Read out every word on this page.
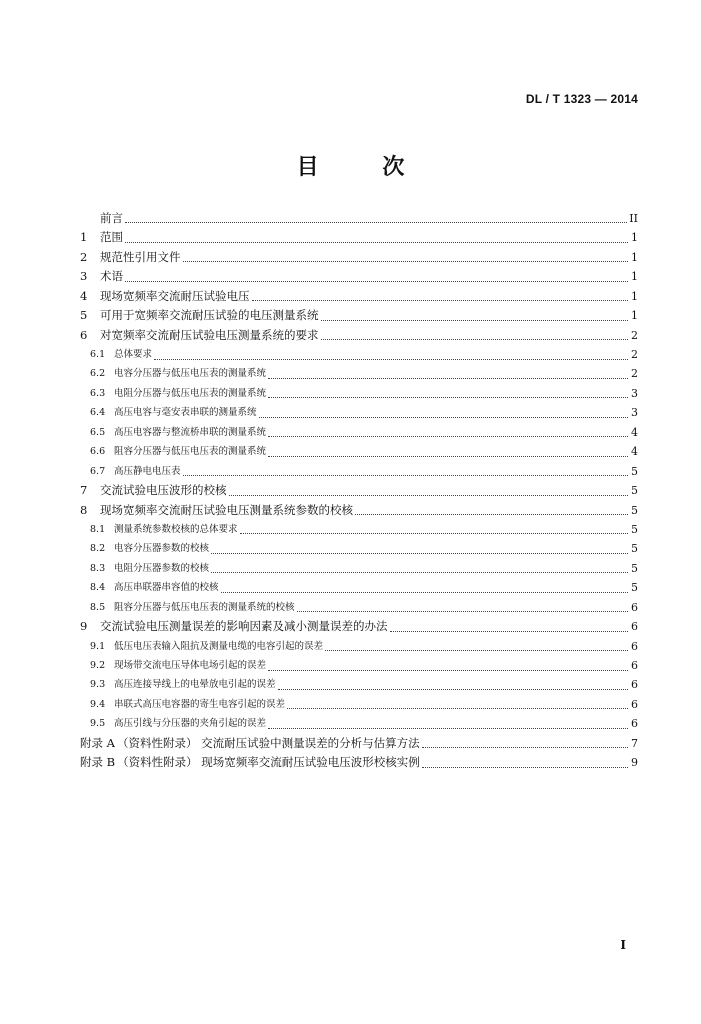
DL / T 1323 — 2014
目 次
前言	II
1	范围	1
2	规范性引用文件	1
3	术语	1
4	现场宽频率交流耐压试验电压	1
5	可用于宽频率交流耐压试验的电压测量系统	1
6	对宽频率交流耐压试验电压测量系统的要求	2
6.1 总体要求	2
6.2 电容分压器与低压电压表的测量系统	2
6.3 电阻分压器与低压电压表的测量系统	3
6.4 高压电容与毫安表串联的测量系统	3
6.5 高压电容器与整流桥串联的测量系统	4
6.6 阻容分压器与低压电压表的测量系统	4
6.7 高压静电电压表	5
7	交流试验电压波形的校核	5
8	现场宽频率交流耐压试验电压测量系统参数的校核	5
8.1 测量系统参数校核的总体要求	5
8.2 电容分压器参数的校核	5
8.3 电阻分压器参数的校核	5
8.4 高压串联器串容值的校核	5
8.5 阻容分压器与低压电压表的测量系统的校核	6
9	交流试验电压测量误差的影响因素及减小测量误差的办法	6
9.1 低压电压表输入阻抗及测量电缆的电容引起的误差	6
9.2 现场带交流电压导体电场引起的误差	6
9.3 高压连接导线上的电晕放电引起的误差	6
9.4 串联式高压电容器的寄生电容引起的误差	6
9.5 高压引线与分压器的夹角引起的误差	6
附录 A （资料性附录） 交流耐压试验中测量误差的分析与估算方法	7
附录 B （资料性附录） 现场宽频率交流耐压试验电压波形校核实例	9
I
